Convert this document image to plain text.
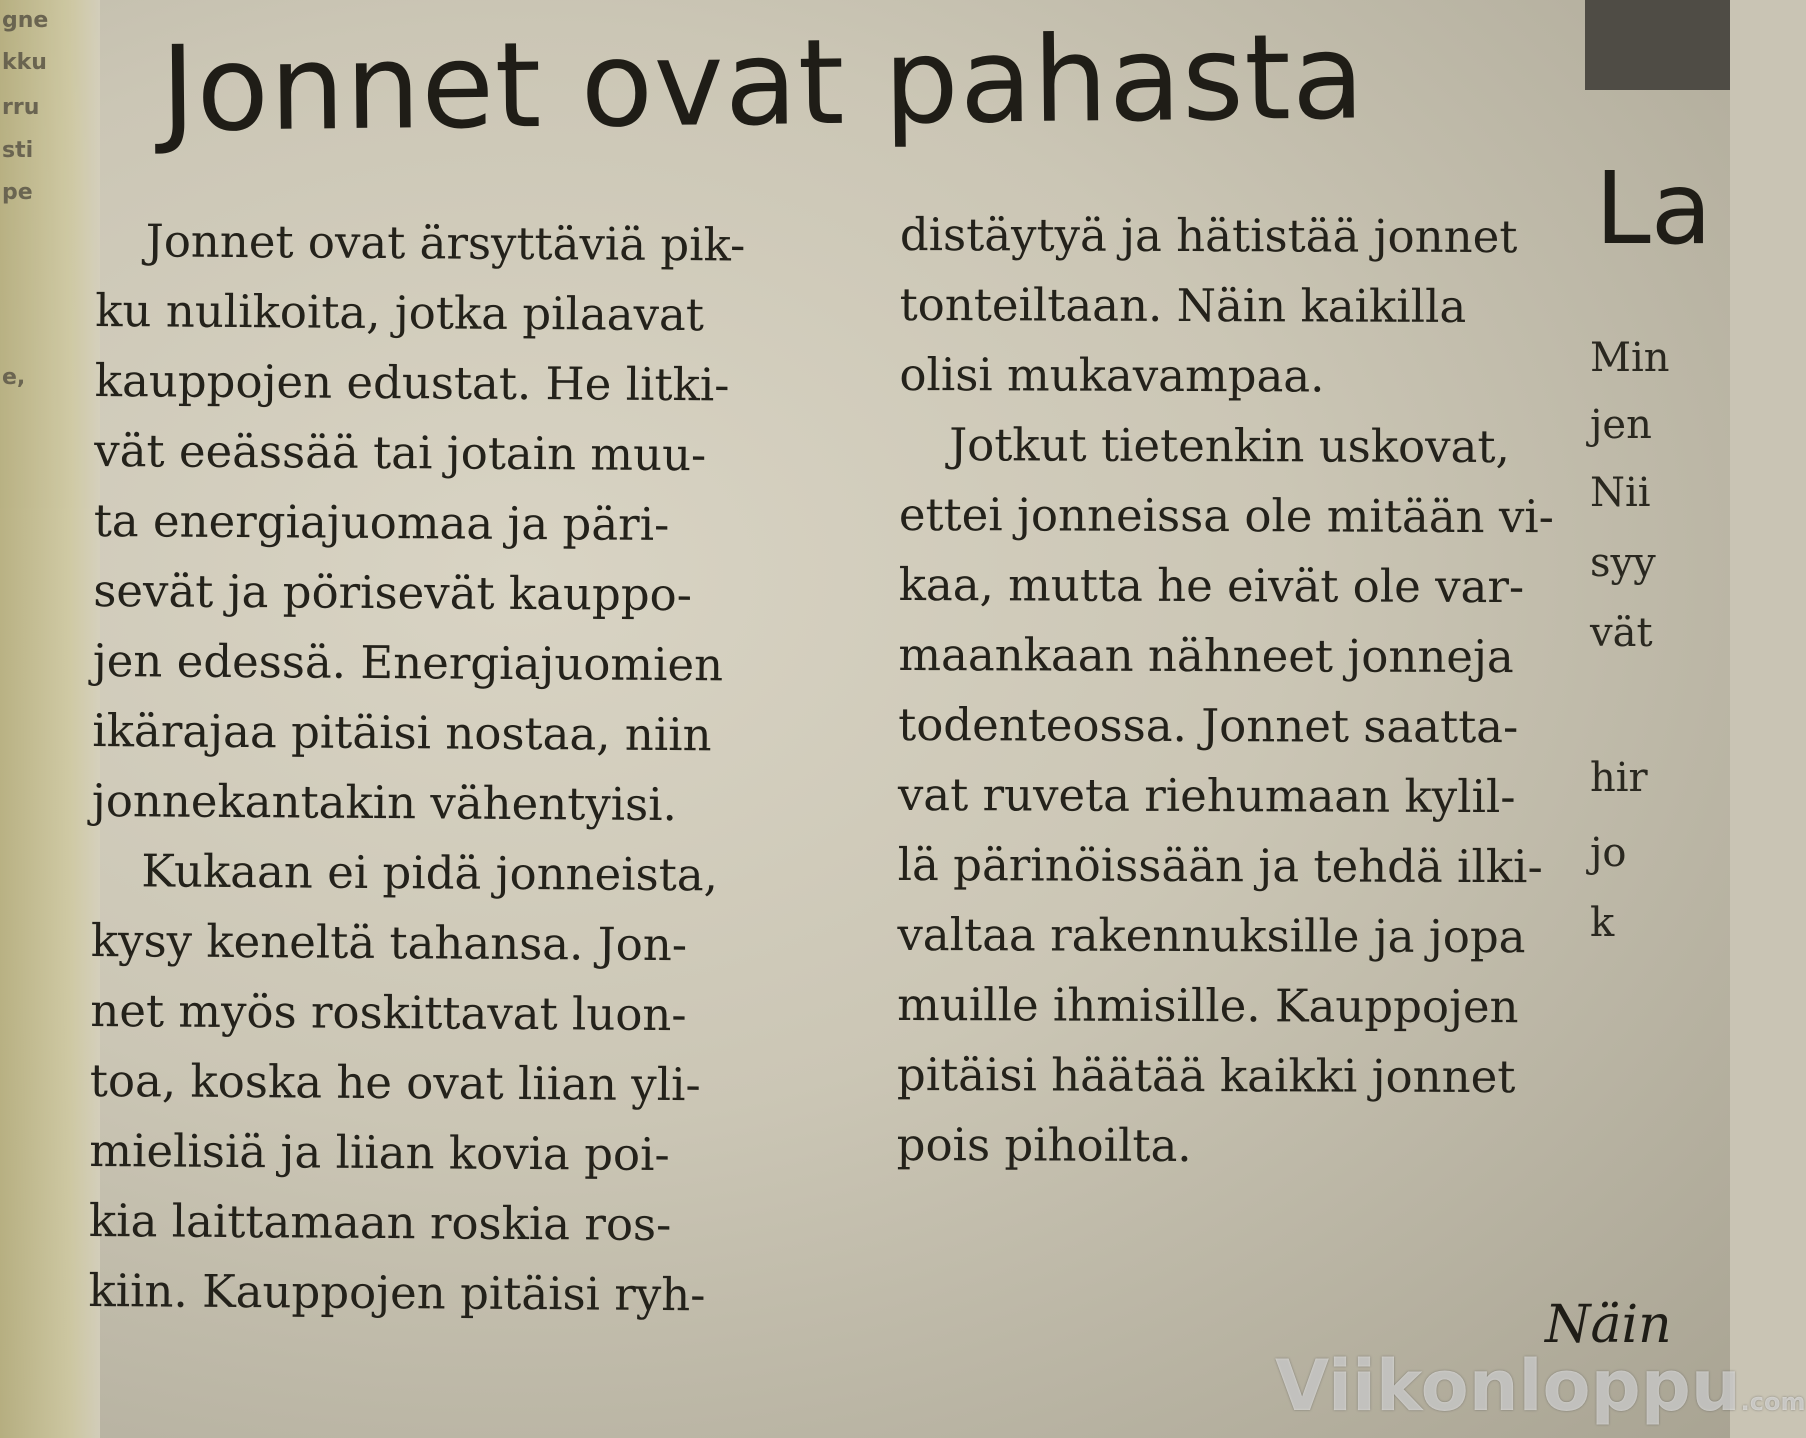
gne
kku
rru
sti
pe
e,
Jonnet ovat pahasta

Jonnet ovat ärsyttäviä pik-

ku nulikoita, jotka pilaavat
kauppojen edustat. He litki-
vät eeässää tai jotain muu-
ta energiajuomaa ja päri-
sevät ja pörisevät kauppo-
jen edessä. Energiajuomien
ikärajaa pitäisi nostaa, niin
jonnekantakin vähentyisi.

Kukaan ei pidä jonneista,

kysy keneltä tahansa. Jon-
net myös roskittavat luon-
toa, koska he ovat liian yli-
mielisiä ja liian kovia poi-
kia laittamaan roskia ros-
kiin. Kauppojen pitäisi ryh-

distäytyä ja hätistää jonnet
tonteiltaan. Näin kaikilla
olisi mukavampaa.

Jotkut tietenkin uskovat,

ettei jonneissa ole mitään vi-
kaa, mutta he eivät ole var-
maankaan nähneet jonneja
todenteossa. Jonnet saatta-
vat ruveta riehumaan kylil-
lä pärinöissään ja tehdä ilki-
valtaa rakennuksille ja jopa
muille ihmisille. Kauppojen
pitäisi häätää kaikki jonnet
pois pihoilta.

La
Min
jen
Nii
syy
vät
hir
jo
k
Näin
Viikonloppu.com
